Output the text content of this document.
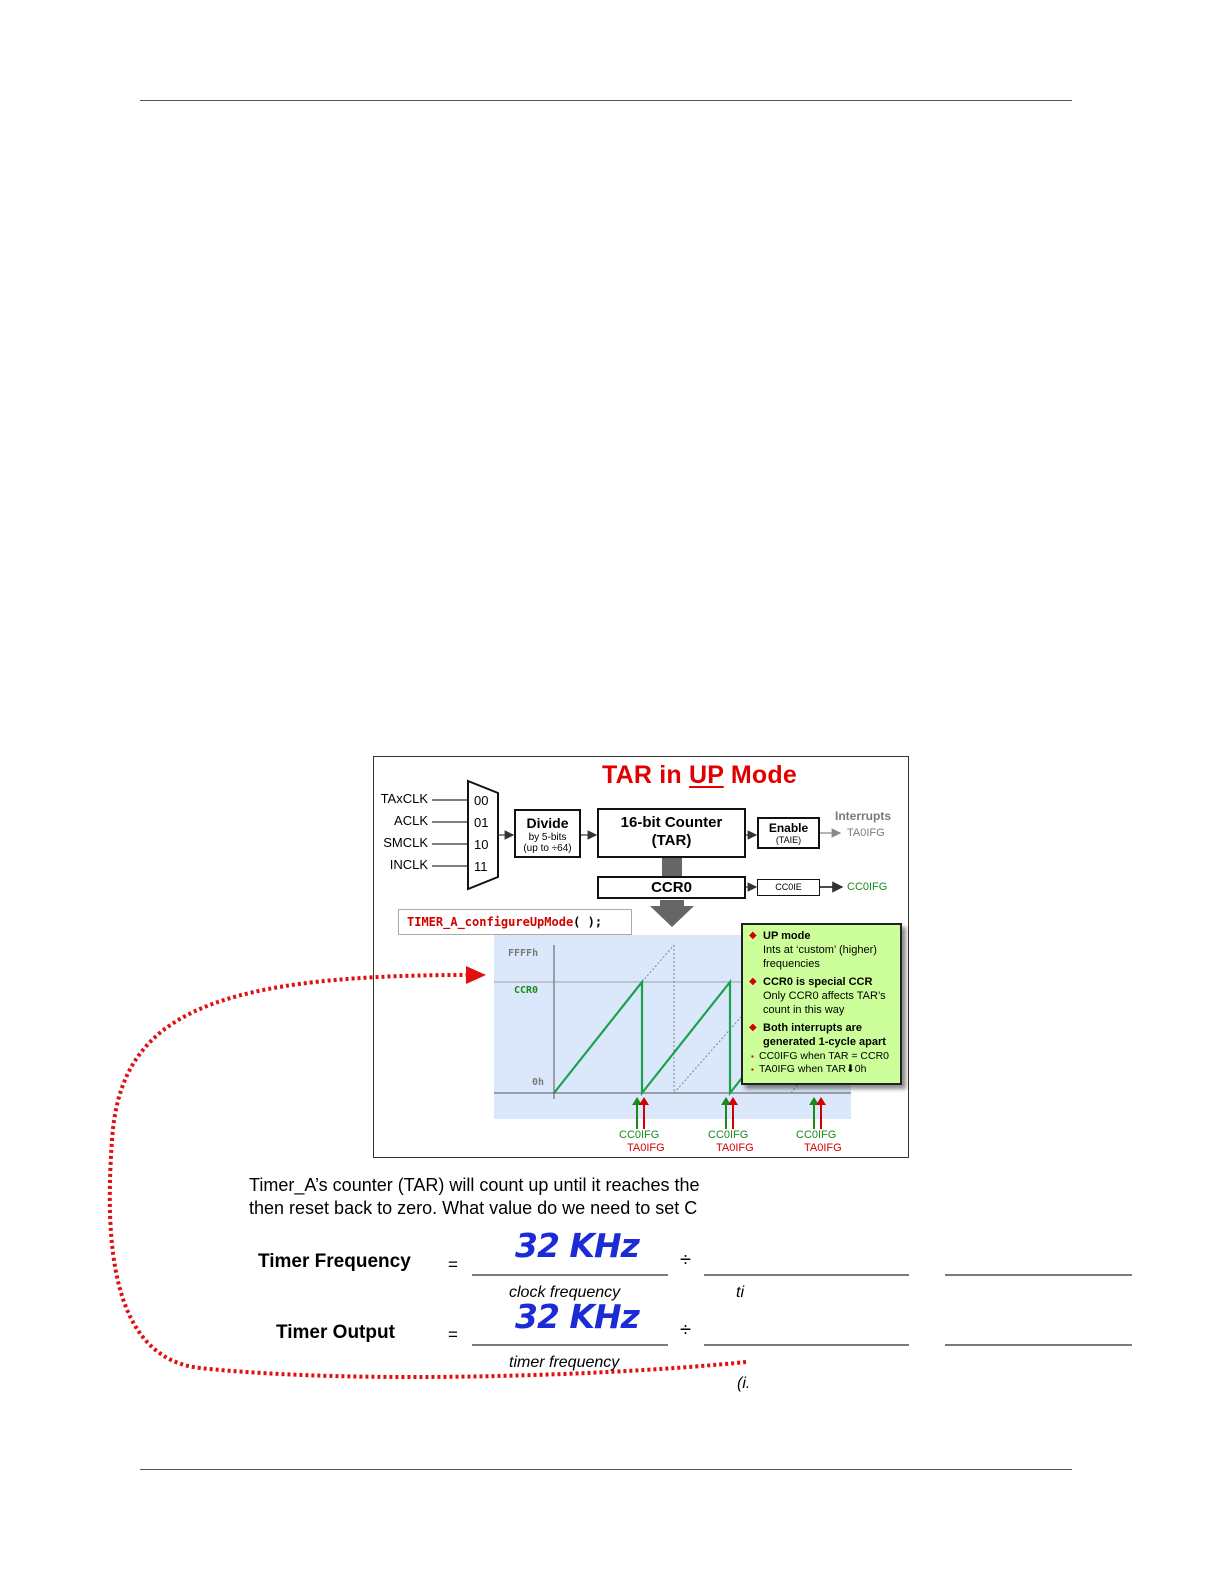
TAR in UP Mode
TAxCLK
ACLK
SMCLK
INCLK
00
01
10
11
Divide
by 5-bits
(up to ÷64)
16-bit Counter
(TAR)
Enable
(TAIE)
Interrupts
TA0IFG
CCR0	CC0IE	CC0IFG
TIMER_A_configureUpMode( );
FFFFh
CCR0
0h
◆ UP mode
Ints at ‘custom’ (higher) frequencies
◆ CCR0 is special CCR
Only CCR0 affects TAR’s count in this way
◆ Both interrupts are generated 1-cycle apart
▪ CC0IFG when TAR = CCR0
▪ TA0IFG when TAR⬇0h
CC0IFG
TA0IFG
CC0IFG
TA0IFG
CC0IFG
TA0IFG
Timer_A’s counter (TAR) will count up until it reaches the
then reset back to zero. What value do we need to set C
Timer Frequency = 32 KHz ÷
clock frequency	ti
Timer Output	= 32 KHz ÷
timer frequency
(i.
